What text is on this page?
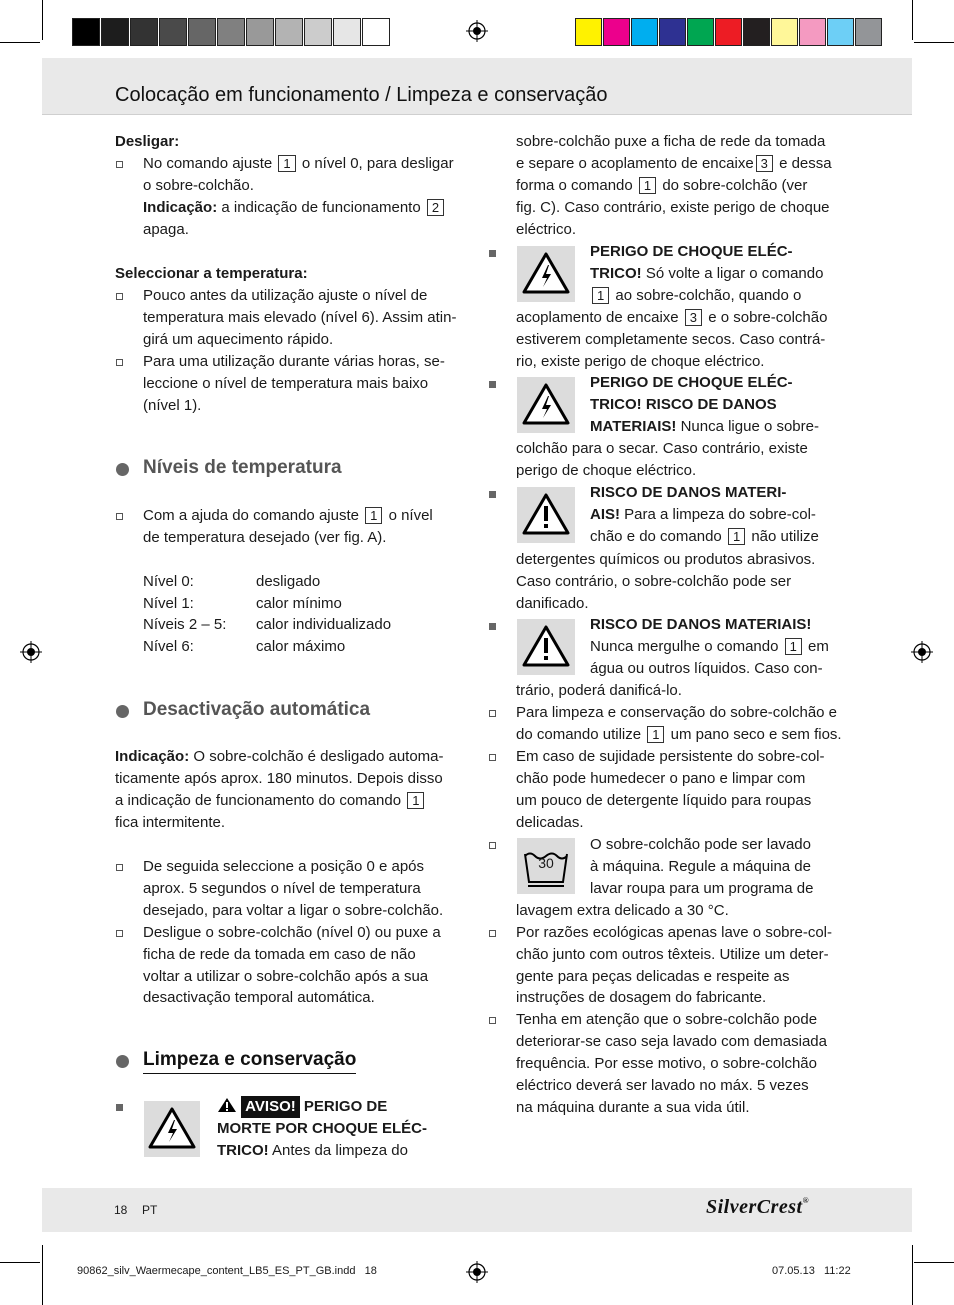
Colocação em funcionamento / Limpeza e conservação
Desligar:
No comando ajuste 1 o nível 0, para desligar
o sobre-colchão.
Indicação: a indicação de funcionamento 2
apaga.
Seleccionar a temperatura:
Pouco antes da utilização ajuste o nível de
temperatura mais elevado (nível 6). Assim atin-
girá um aquecimento rápido.
Para uma utilização durante várias horas, se-
leccione o nível de temperatura mais baixo
(nível 1).
Níveis de temperatura
Com a ajuda do comando ajuste 1 o nível
de temperatura desejado (ver fig. A).
Nível 0:	desligado
Nível 1:	calor mínimo
Níveis 2 – 5: calor individualizado
Nível 6:	calor máximo
Desactivação automática
Indicação: O sobre-colchão é desligado automa-
ticamente após aprox. 180 minutos. Depois disso
a indicação de funcionamento do comando 1
fica intermitente.
De seguida seleccione a posição 0 e após
aprox. 5 segundos o nível de temperatura
desejado, para voltar a ligar o sobre-colchão.
Desligue o sobre-colchão (nível 0) ou puxe a
ficha de rede da tomada em caso de não
voltar a utilizar o sobre-colchão após a sua
desactivação temporal automática.
Limpeza e conservação
AVISO! PERIGO DE
MORTE POR CHOQUE ELÉC-
TRICO! Antes da limpeza do
sobre-colchão puxe a ficha de rede da tomada
e separe o acoplamento de encaixe 3 e dessa
forma o comando 1 do sobre-colchão (ver
fig. C). Caso contrário, existe perigo de choque
eléctrico.
PERIGO DE CHOQUE ELÉC-
TRICO! Só volte a ligar o comando
1 ao sobre-colchão, quando o
acoplamento de encaixe 3 e o sobre-colchão
estiverem completamente secos. Caso contrá-
rio, existe perigo de choque eléctrico.
PERIGO DE CHOQUE ELÉC-
TRICO! RISCO DE DANOS
MATERIAIS! Nunca ligue o sobre-
colchão para o secar. Caso contrário, existe
perigo de choque eléctrico.
RISCO DE DANOS MATERI-
AIS! Para a limpeza do sobre-col-
chão e do comando 1 não utilize
detergentes químicos ou produtos abrasivos.
Caso contrário, o sobre-colchão pode ser
danificado.
RISCO DE DANOS MATERIAIS!
Nunca mergulhe o comando 1 em
água ou outros líquidos. Caso con-
trário, poderá danificá-lo.
Para limpeza e conservação do sobre-colchão e
do comando utilize 1 um pano seco e sem fios.
Em caso de sujidade persistente do sobre-col-
chão pode humedecer o pano e limpar com
um pouco de detergente líquido para roupas
delicadas.
30
O sobre-colchão pode ser lavado
à máquina. Regule a máquina de
lavar roupa para um programa de
lavagem extra delicado a 30 °C.
Por razões ecológicas apenas lave o sobre-col-
chão junto com outros têxteis. Utilize um deter-
gente para peças delicadas e respeite as
instruções de dosagem do fabricante.
Tenha em atenção que o sobre-colchão pode
deteriorar-se caso seja lavado com demasiada
frequência. Por esse motivo, o sobre-colchão
eléctrico deverá ser lavado no máx. 5 vezes
na máquina durante a sua vida útil.
18 PT	SilverCrest®
90862_silv_Waermecape_content_LB5_ES_PT_GB.indd   18	07.05.13   11:22
